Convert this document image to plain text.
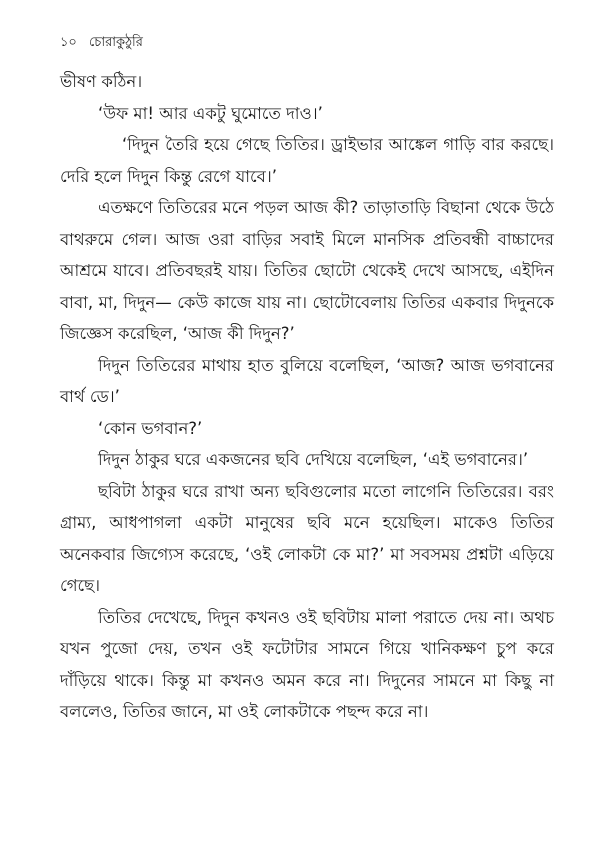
১০ চোরাকুঠুরি

ভীষণ কঠিন।

‘উফ মা! আর একটু ঘুমোতে দাও।’

‘দিদুন তৈরি হয়ে গেছে তিতির। ড্রাইভার আঙ্কেল গাড়ি বার করছে। দেরি হলে দিদুন কিন্তু রেগে যাবে।’

এতক্ষণে তিতিরের মনে পড়ল আজ কী? তাড়াতাড়ি বিছানা থেকে উঠে বাথরুমে গেল। আজ ওরা বাড়ির সবাই মিলে মানসিক প্রতিবন্ধী বাচ্চাদের আশ্রমে যাবে। প্রতিবছরই যায়। তিতির ছোটো থেকেই দেখে আসছে, এইদিন বাবা, মা, দিদুন— কেউ কাজে যায় না। ছোটোবেলায় তিতির একবার দিদুনকে জিজ্ঞেস করেছিল, ‘আজ কী দিদুন?’

দিদুন তিতিরের মাথায় হাত বুলিয়ে বলেছিল, ‘আজ? আজ ভগবানের বার্থ ডে।’

‘কোন ভগবান?’

দিদুন ঠাকুর ঘরে একজনের ছবি দেখিয়ে বলেছিল, ‘এই ভগবানের।’

ছবিটা ঠাকুর ঘরে রাখা অন্য ছবিগুলোর মতো লাগেনি তিতিরের। বরং গ্রাম্য, আধপাগলা একটা মানুষের ছবি মনে হয়েছিল। মাকেও তিতির অনেকবার জিগ্যেস করেছে, ‘ওই লোকটা কে মা?’ মা সবসময় প্রশ্নটা এড়িয়ে গেছে।

তিতির দেখেছে, দিদুন কখনও ওই ছবিটায় মালা পরাতে দেয় না। অথচ যখন পুজো দেয়, তখন ওই ফটোটার সামনে গিয়ে খানিকক্ষণ চুপ করে দাঁড়িয়ে থাকে। কিন্তু মা কখনও অমন করে না। দিদুনের সামনে মা কিছু না বললেও, তিতির জানে, মা ওই লোকটাকে পছন্দ করে না।
